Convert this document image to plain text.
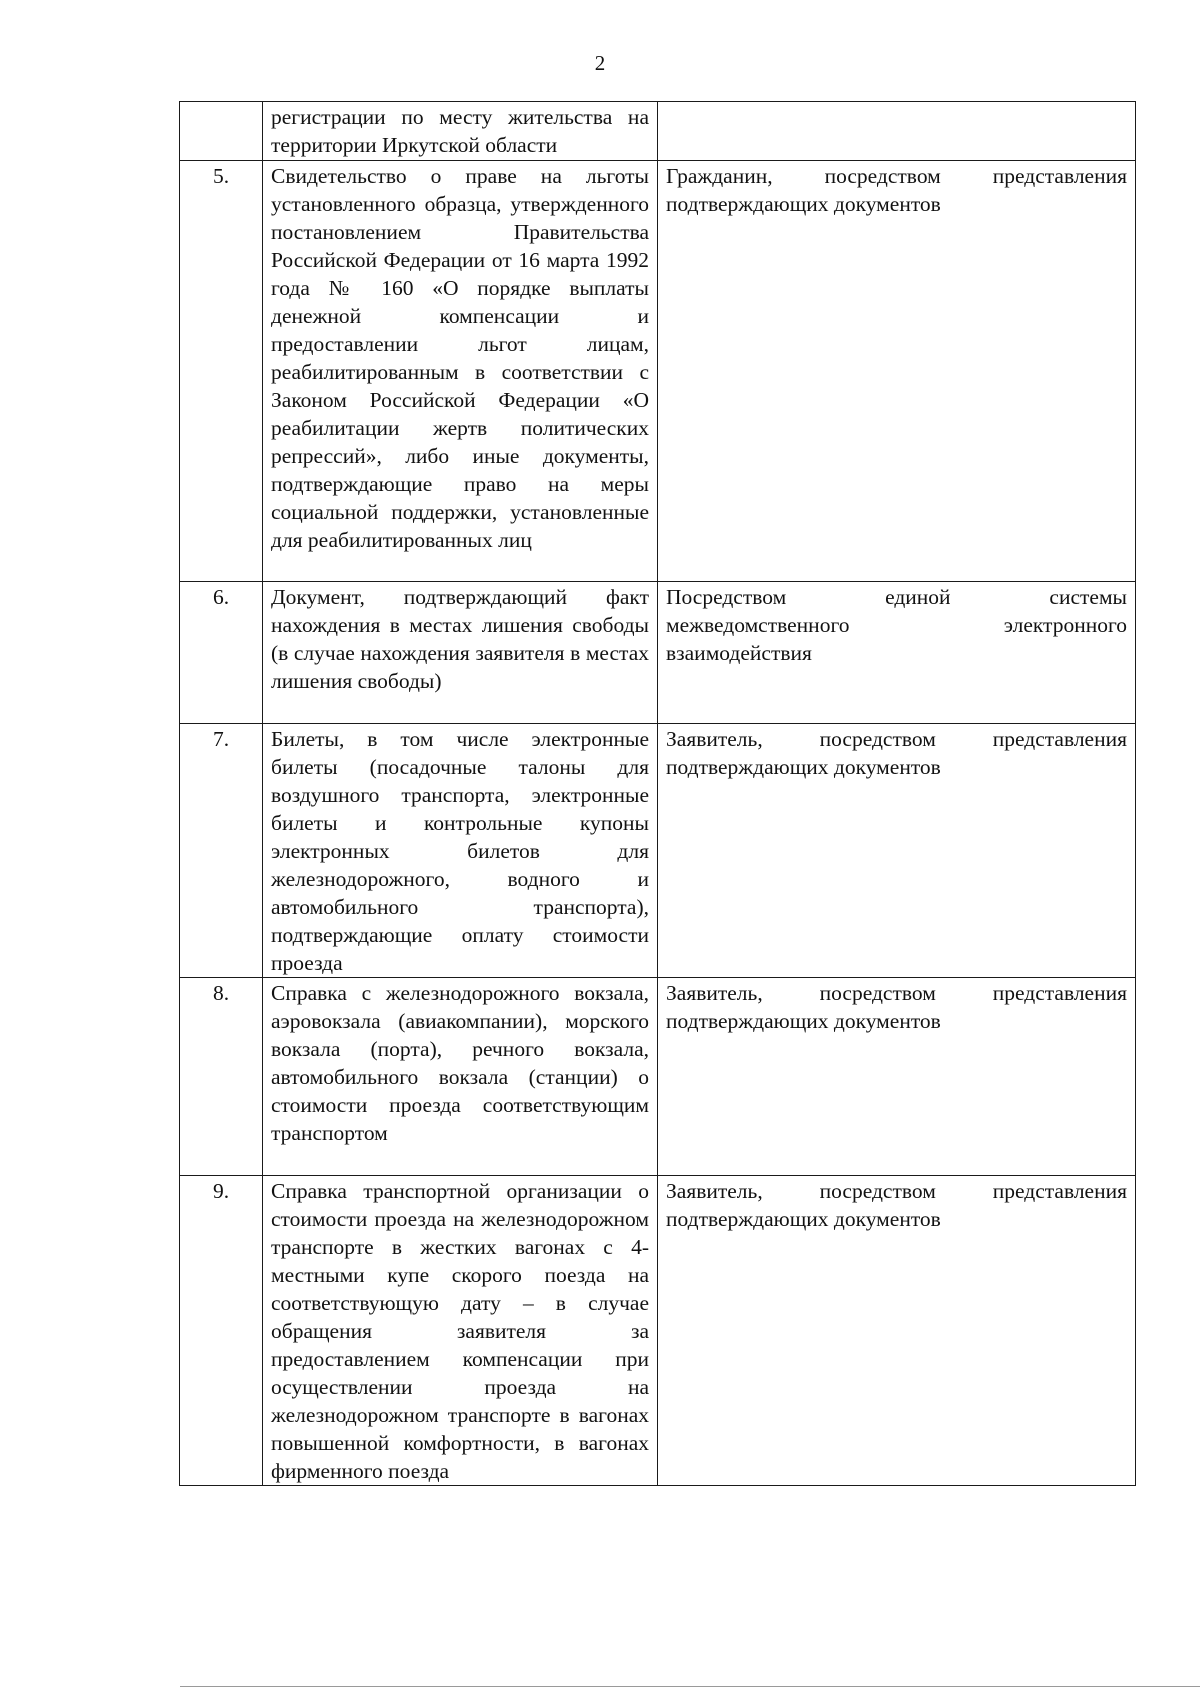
2
	регистрации по месту жительства на территории Иркутской области	
5.	Свидетельство о праве на льготы установленного образца, утвержденного постановлением Правительства Российской Федерации от 16 марта 1992 года № 160 «О порядке выплаты денежной компенсации и предоставлении льгот лицам, реабилитированным в соответствии с Законом Российской Федерации «О реабилитации жертв политических репрессий», либо иные документы, подтверждающие право на меры социальной поддержки, установленные для реабилитированных лиц	Гражданин, посредством представления подтверждающих документов
6.	Документ, подтверждающий факт нахождения в местах лишения свободы (в случае нахождения заявителя в местах лишения свободы)	Посредством единой системы межведомственного электронного взаимодействия
7.	Билеты, в том числе электронные билеты (посадочные талоны для воздушного транспорта, электронные билеты и контрольные купоны электронных билетов для железнодорожного, водного и автомобильного транспорта), подтверждающие оплату стоимости проезда	Заявитель, посредством представления подтверждающих документов
8.	Справка с железнодорожного вокзала, аэровокзала (авиакомпании), морского вокзала (порта), речного вокзала, автомобильного вокзала (станции) о стоимости проезда соответствующим транспортом	Заявитель, посредством представления подтверждающих документов
9.	Справка транспортной организации о стоимости проезда на железнодорожном транспорте в жестких вагонах с 4-местными купе скорого поезда на соответствующую дату – в случае обращения заявителя за предоставлением компенсации при осуществлении проезда на железнодорожном транспорте в вагонах повышенной комфортности, в вагонах фирменного поезда	Заявитель, посредством представления подтверждающих документов
